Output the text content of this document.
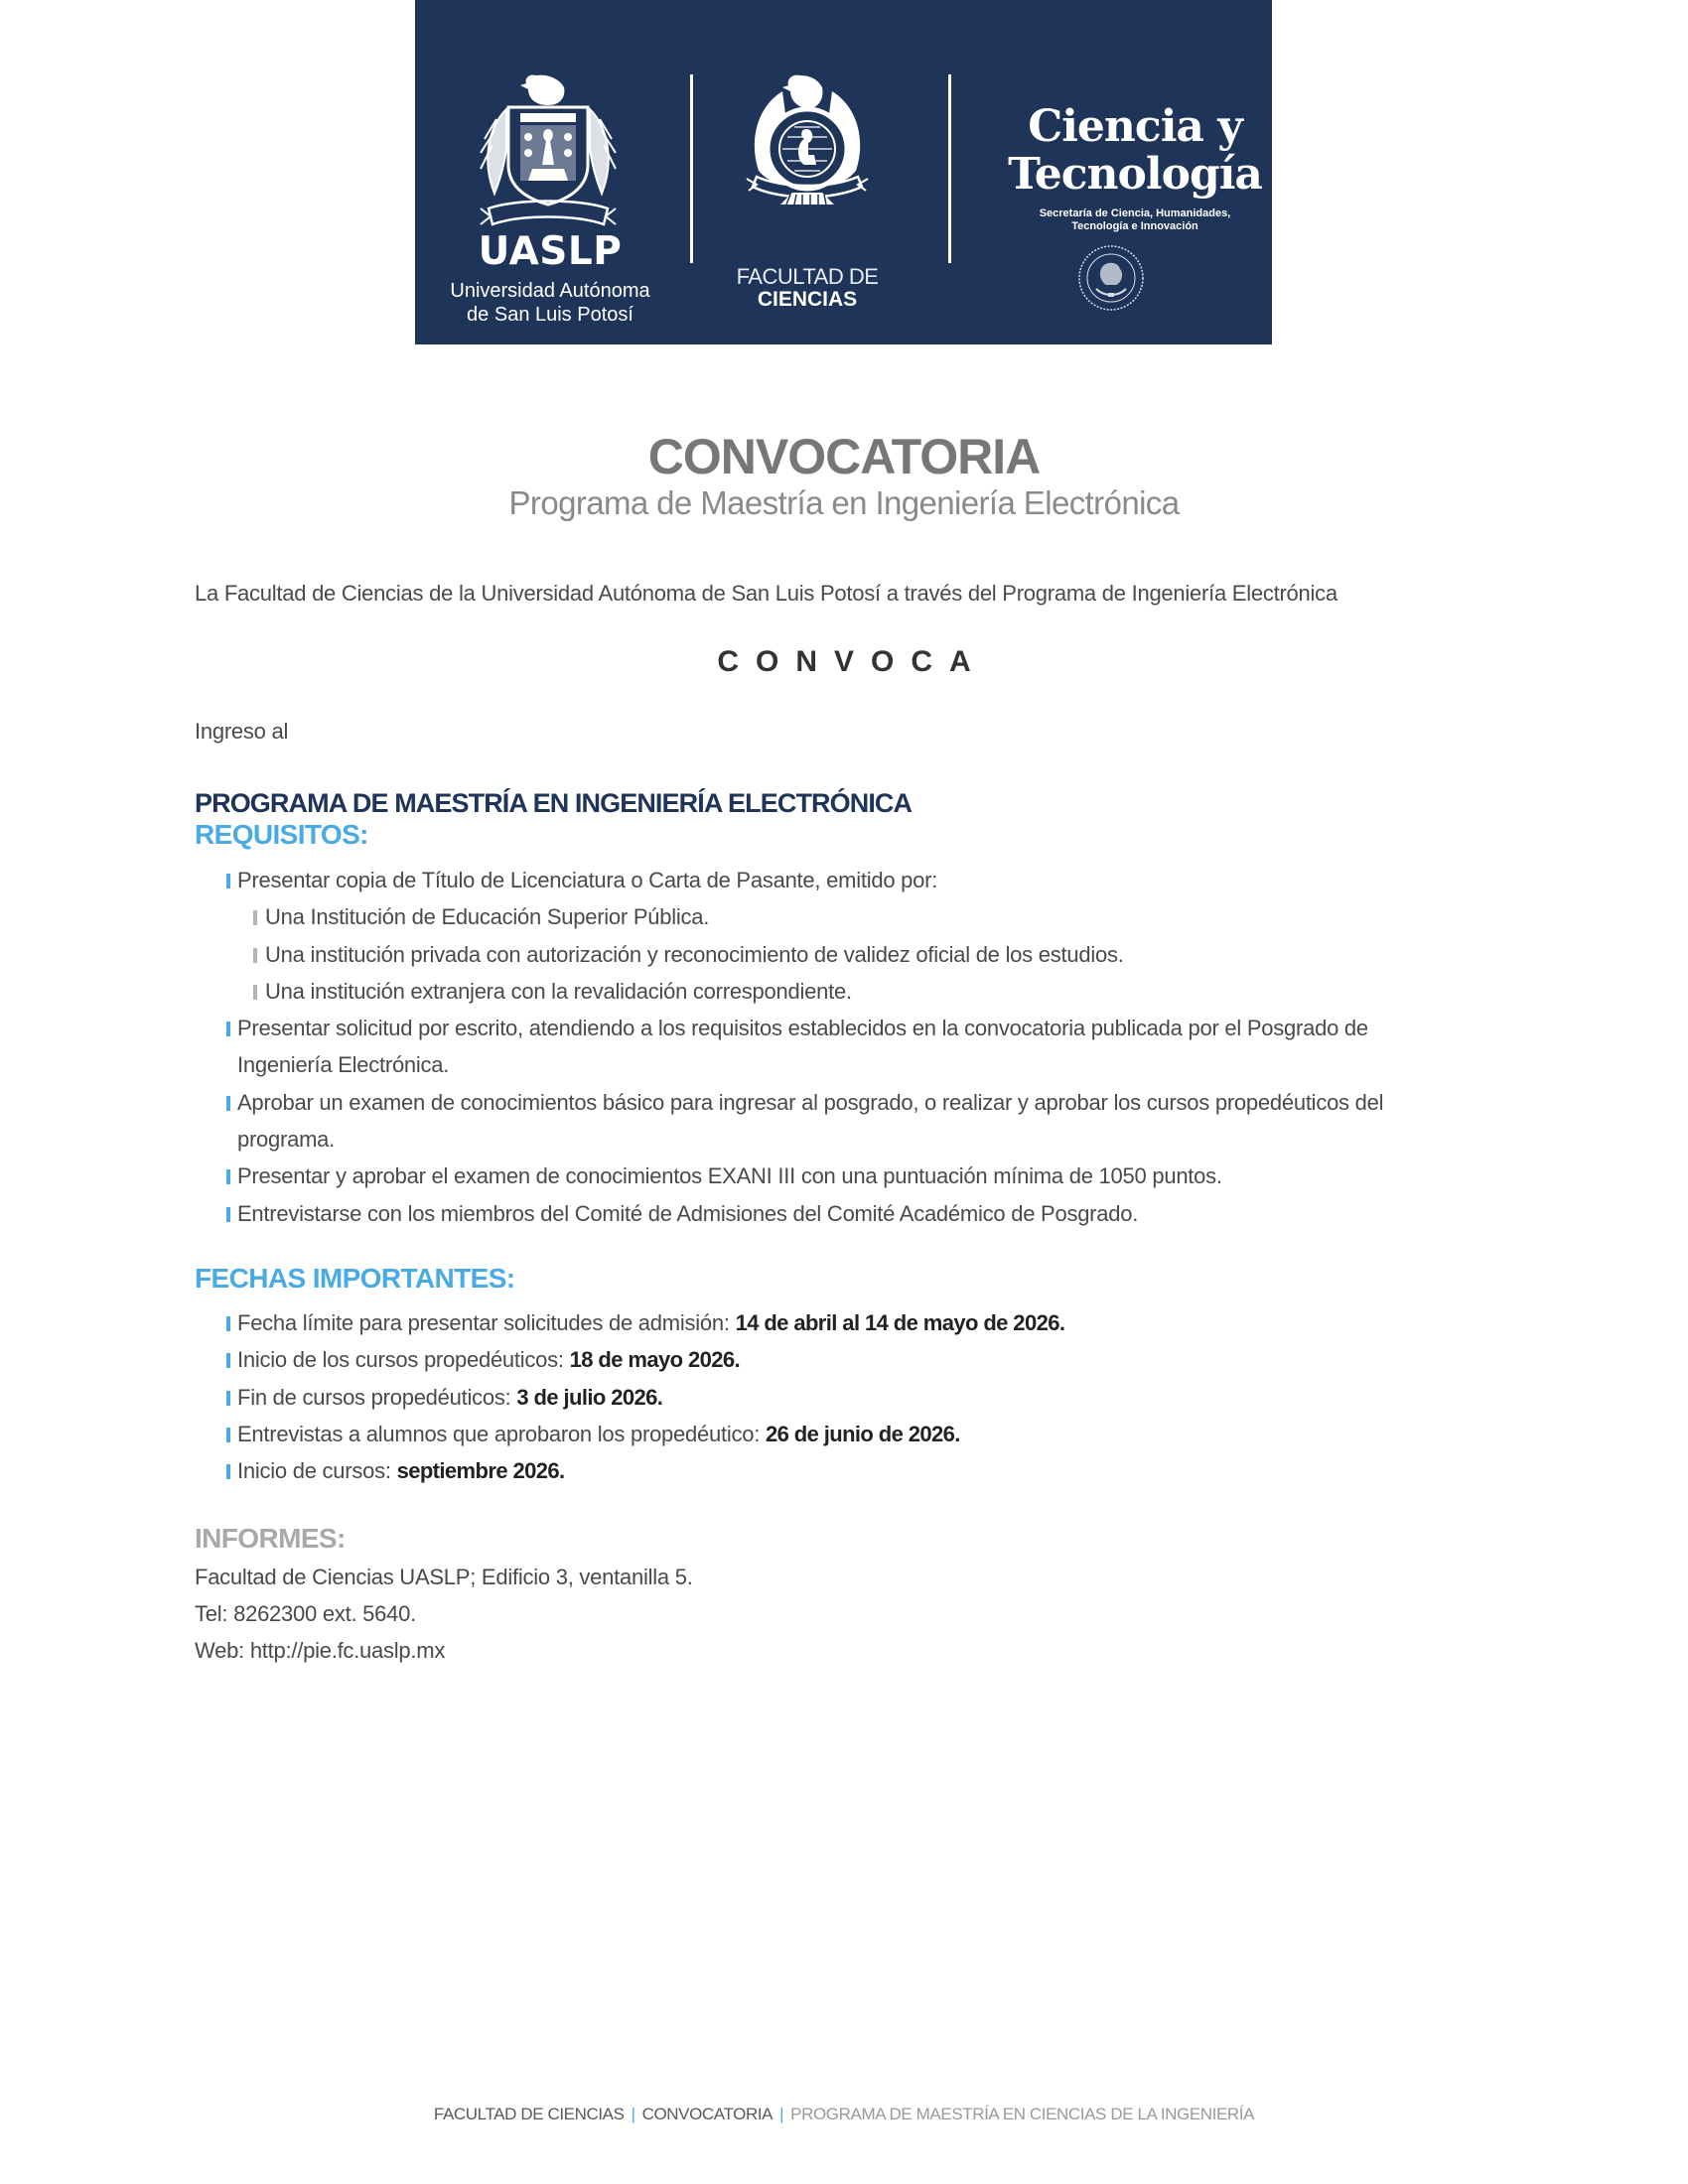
UASLP
Universidad Autónoma
de San Luis Potosí
FACULTAD DE
CIENCIAS
Ciencia y
Tecnología
Secretaría de Ciencia, Humanidades,
Tecnología e Innovación
CONVOCATORIA
Programa de Maestría en Ingeniería Electrónica
La Facultad de Ciencias de la Universidad Autónoma de San Luis Potosí a través del Programa de Ingeniería Electrónica
CONVOCA
Ingreso al
PROGRAMA DE MAESTRÍA EN INGENIERÍA ELECTRÓNICA
REQUISITOS:
Presentar copia de Título de Licenciatura o Carta de Pasante, emitido por:
Una Institución de Educación Superior Pública.
Una institución privada con autorización y reconocimiento de validez oficial de los estudios.
Una institución extranjera con la revalidación correspondiente.
Presentar solicitud por escrito, atendiendo a los requisitos establecidos en la convocatoria publicada por el Posgrado de
Ingeniería Electrónica.
Aprobar un examen de conocimientos básico para ingresar al posgrado, o realizar y aprobar los cursos propedéuticos del
programa.
Presentar y aprobar el examen de conocimientos EXANI III con una puntuación mínima de 1050 puntos.
Entrevistarse con los miembros del Comité de Admisiones del Comité Académico de Posgrado.
FECHAS IMPORTANTES:
Fecha límite para presentar solicitudes de admisión: 14 de abril al 14 de mayo de 2026.
Inicio de los cursos propedéuticos: 18 de mayo 2026.
Fin de cursos propedéuticos: 3 de julio 2026.
Entrevistas a alumnos que aprobaron los propedéutico: 26 de junio de 2026.
Inicio de cursos: septiembre 2026.
INFORMES:
Facultad de Ciencias UASLP; Edificio 3, ventanilla 5.
Tel: 8262300 ext. 5640.
Web: http://pie.fc.uaslp.mx
FACULTAD DE CIENCIAS | CONVOCATORIA | PROGRAMA DE MAESTRÍA EN CIENCIAS DE LA INGENIERÍA
